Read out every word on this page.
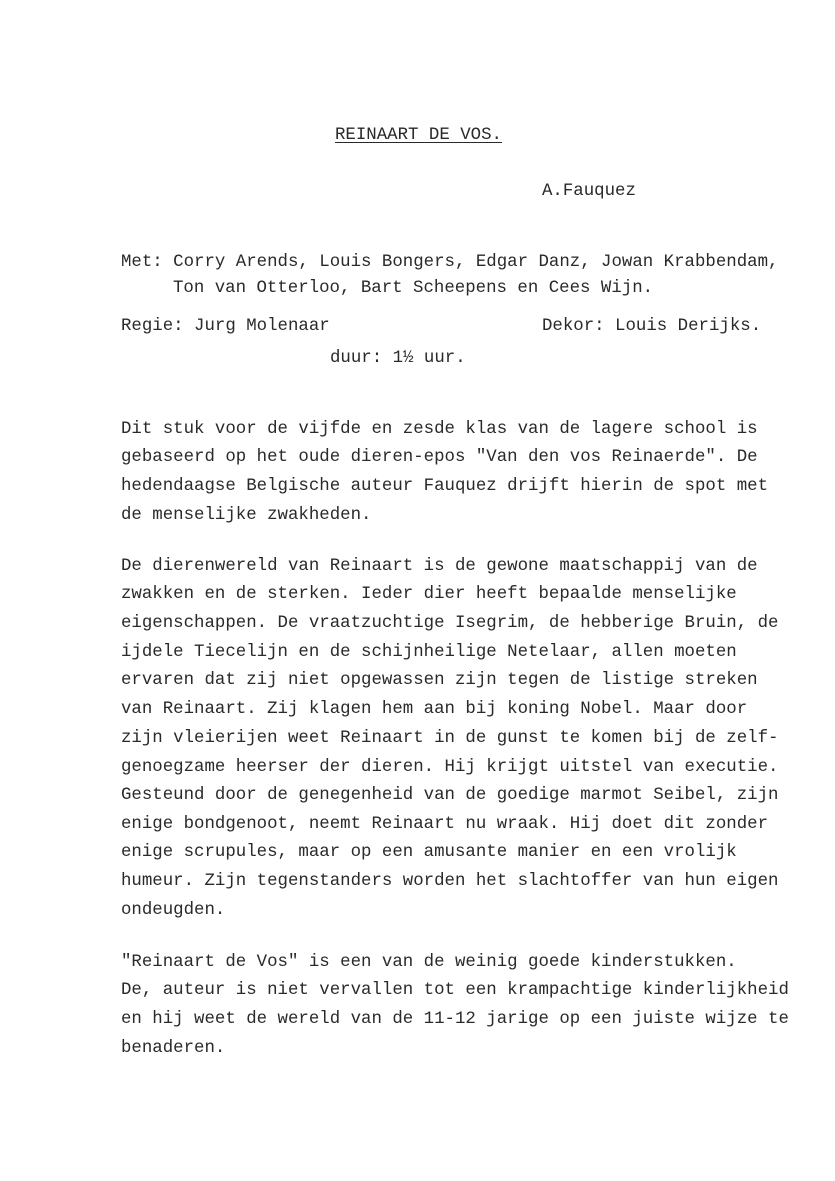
REINAART DE VOS.
A.Fauquez
Met: Corry Arends, Louis Bongers, Edgar Danz, Jowan Krabbendam,
Ton van Otterloo, Bart Scheepens en Cees Wijn.
Regie: Jurg Molenaar	Dekor: Louis Derijks.
duur: 1½ uur.
Dit stuk voor de vijfde en zesde klas van de lagere school is
gebaseerd op het oude dieren-epos "Van den vos Reinaerde". De
hedendaagse Belgische auteur Fauquez drijft hierin de spot met
de menselijke zwakheden.
De dierenwereld van Reinaart is de gewone maatschappij van de
zwakken en de sterken. Ieder dier heeft bepaalde menselijke
eigenschappen. De vraatzuchtige Isegrim, de hebberige Bruin, de
ijdele Tiecelijn en de schijnheilige Netelaar, allen moeten
ervaren dat zij niet opgewassen zijn tegen de listige streken
van Reinaart. Zij klagen hem aan bij koning Nobel. Maar door
zijn vleierijen weet Reinaart in de gunst te komen bij de zelf-
genoegzame heerser der dieren. Hij krijgt uitstel van executie.
Gesteund door de genegenheid van de goedige marmot Seibel, zijn
enige bondgenoot, neemt Reinaart nu wraak. Hij doet dit zonder
enige scrupules, maar op een amusante manier en een vrolijk
humeur. Zijn tegenstanders worden het slachtoffer van hun eigen
ondeugden.
"Reinaart de Vos" is een van de weinig goede kinderstukken.
De, auteur is niet vervallen tot een krampachtige kinderlijkheid
en hij weet de wereld van de 11-12 jarige op een juiste wijze te
benaderen.
